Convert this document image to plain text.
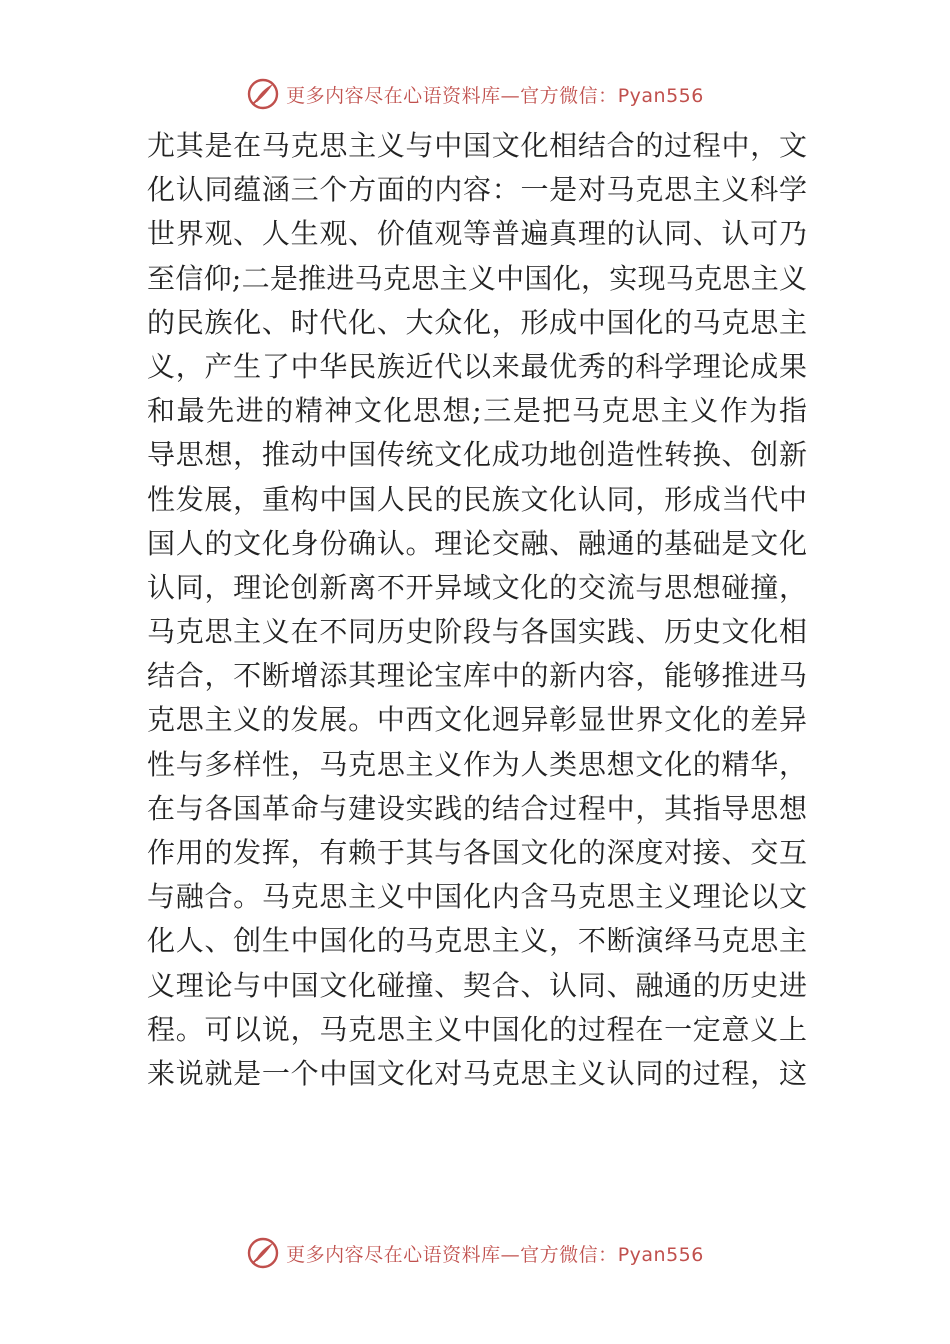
更多内容尽在心语资料库—官方微信：Pyan556
尤其是在马克思主义与中国文化相结合的过程中，文
化认同蕴涵三个方面的内容：一是对马克思主义科学
世界观、人生观、价值观等普遍真理的认同、认可乃
至信仰;二是推进马克思主义中国化，实现马克思主义
的民族化、时代化、大众化，形成中国化的马克思主
义，产生了中华民族近代以来最优秀的科学理论成果
和最先进的精神文化思想;三是把马克思主义作为指
导思想，推动中国传统文化成功地创造性转换、创新
性发展，重构中国人民的民族文化认同，形成当代中
国人的文化身份确认。理论交融、融通的基础是文化
认同，理论创新离不开异域文化的交流与思想碰撞，
马克思主义在不同历史阶段与各国实践、历史文化相
结合，不断增添其理论宝库中的新内容，能够推进马
克思主义的发展。中西文化迥异彰显世界文化的差异
性与多样性，马克思主义作为人类思想文化的精华，
在与各国革命与建设实践的结合过程中，其指导思想
作用的发挥，有赖于其与各国文化的深度对接、交互
与融合。马克思主义中国化内含马克思主义理论以文
化人、创生中国化的马克思主义，不断演绎马克思主
义理论与中国文化碰撞、契合、认同、融通的历史进
程。可以说，马克思主义中国化的过程在一定意义上
来说就是一个中国文化对马克思主义认同的过程，这
更多内容尽在心语资料库—官方微信：Pyan556
